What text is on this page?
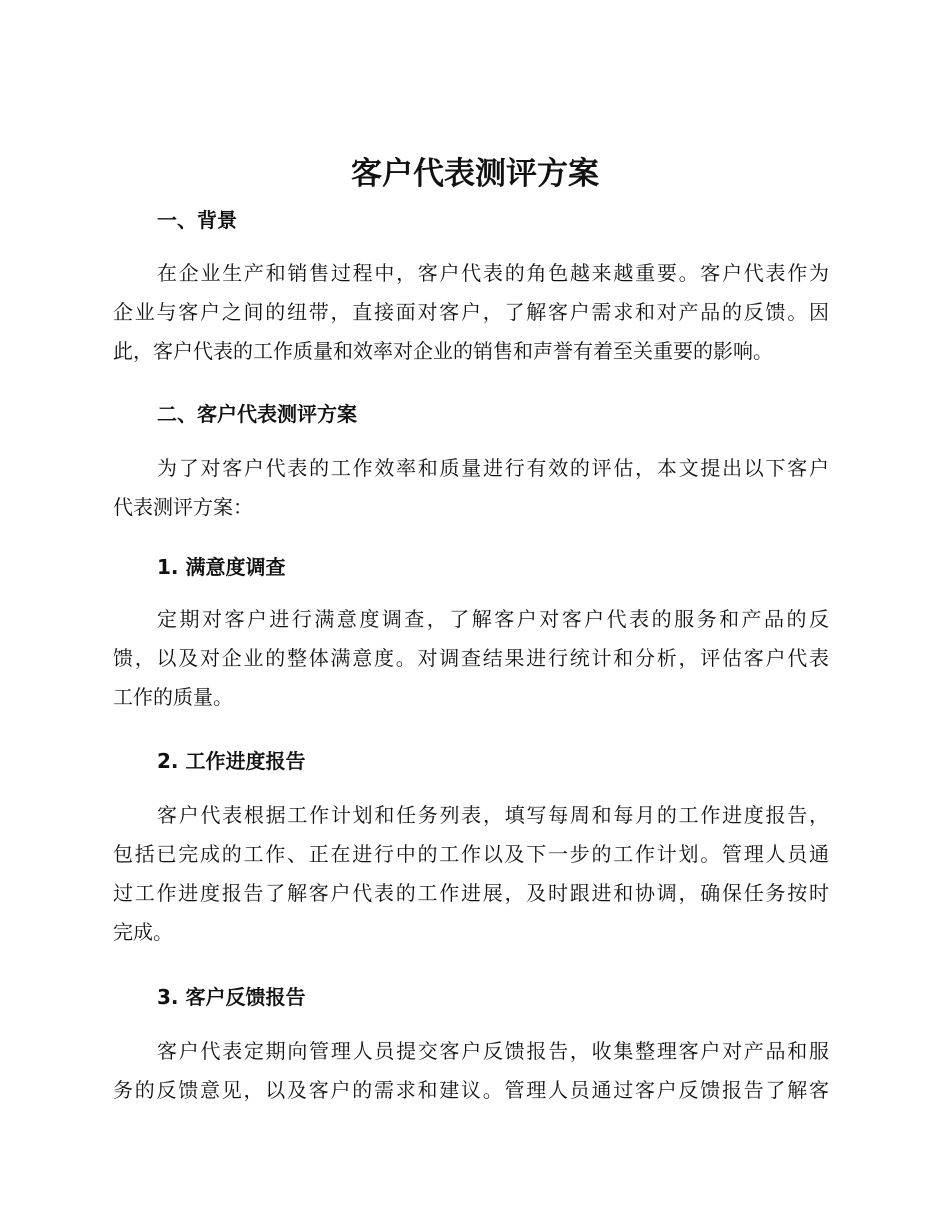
客户代表测评方案
一、背景
在企业生产和销售过程中，客户代表的角色越来越重要。客户代表作为
企业与客户之间的纽带，直接面对客户，了解客户需求和对产品的反馈。因
此，客户代表的工作质量和效率对企业的销售和声誉有着至关重要的影响。
二、客户代表测评方案
为了对客户代表的工作效率和质量进行有效的评估，本文提出以下客户
代表测评方案：
1. 满意度调查
定期对客户进行满意度调查，了解客户对客户代表的服务和产品的反
馈，以及对企业的整体满意度。对调查结果进行统计和分析，评估客户代表
工作的质量。
2. 工作进度报告
客户代表根据工作计划和任务列表，填写每周和每月的工作进度报告，
包括已完成的工作、正在进行中的工作以及下一步的工作计划。管理人员通
过工作进度报告了解客户代表的工作进展，及时跟进和协调，确保任务按时
完成。
3. 客户反馈报告
客户代表定期向管理人员提交客户反馈报告，收集整理客户对产品和服
务的反馈意见，以及客户的需求和建议。管理人员通过客户反馈报告了解客
